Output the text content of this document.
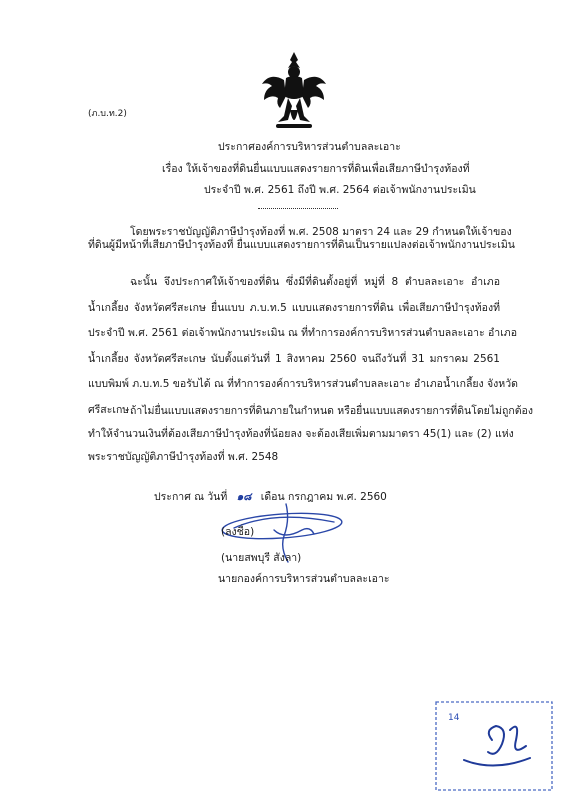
(ภ.บ.ท.2)
ประกาศองค์การบริหารส่วนตำบลละเอาะ
เรื่อง ให้เจ้าของที่ดินยื่นแบบแสดงรายการที่ดินเพื่อเสียภาษีบำรุงท้องที่
ประจำปี พ.ศ. 2561 ถึงปี พ.ศ. 2564 ต่อเจ้าพนักงานประเมิน
โดยพระราชบัญญัติภาษีบำรุงท้องที่ พ.ศ. 2508 มาตรา 24 และ 29 กำหนดให้เจ้าของ
ที่ดินผู้มีหน้าที่เสียภาษีบำรุงท้องที่ ยื่นแบบแสดงรายการที่ดินเป็นรายแปลงต่อเจ้าพนักงานประเมิน
ฉะนั้น จึงประกาศให้เจ้าของที่ดิน ซึ่งมีที่ดินตั้งอยู่ที่ หมู่ที่ 8 ตำบลละเอาะ อำเภอ
น้ำเกลี้ยง จังหวัดศรีสะเกษ ยื่นแบบ ภ.บ.ท.5 แบบแสดงรายการที่ดิน เพื่อเสียภาษีบำรุงท้องที่
ประจำปี พ.ศ. 2561 ต่อเจ้าพนักงานประเมิน ณ ที่ทำการองค์การบริหารส่วนตำบลละเอาะ อำเภอ
น้ำเกลี้ยง จังหวัดศรีสะเกษ นับตั้งแต่วันที่ 1 สิงหาคม 2560 จนถึงวันที่ 31 มกราคม 2561
แบบพิมพ์ ภ.บ.ท.5 ขอรับได้ ณ ที่ทำการองค์การบริหารส่วนตำบลละเอาะ อำเภอน้ำเกลี้ยง จังหวัด
ศรีสะเกษ ถ้าไม่ยื่นแบบแสดงรายการที่ดินภายในกำหนด หรือยื่นแบบแสดงรายการที่ดินโดยไม่ถูกต้อง
ทำให้จำนวนเงินที่ต้องเสียภาษีบำรุงท้องที่น้อยลง จะต้องเสียเพิ่มตามมาตรา 45(1) และ (2) แห่ง
พระราชบัญญัติภาษีบำรุงท้องที่ พ.ศ. 2548
ประกาศ ณ วันที่ ๑๘ เดือน กรกฎาคม พ.ศ. 2560
(ลงชื่อ)
(นายสพบุรี สังลา)
นายกองค์การบริหารส่วนตำบลละเอาะ
14
